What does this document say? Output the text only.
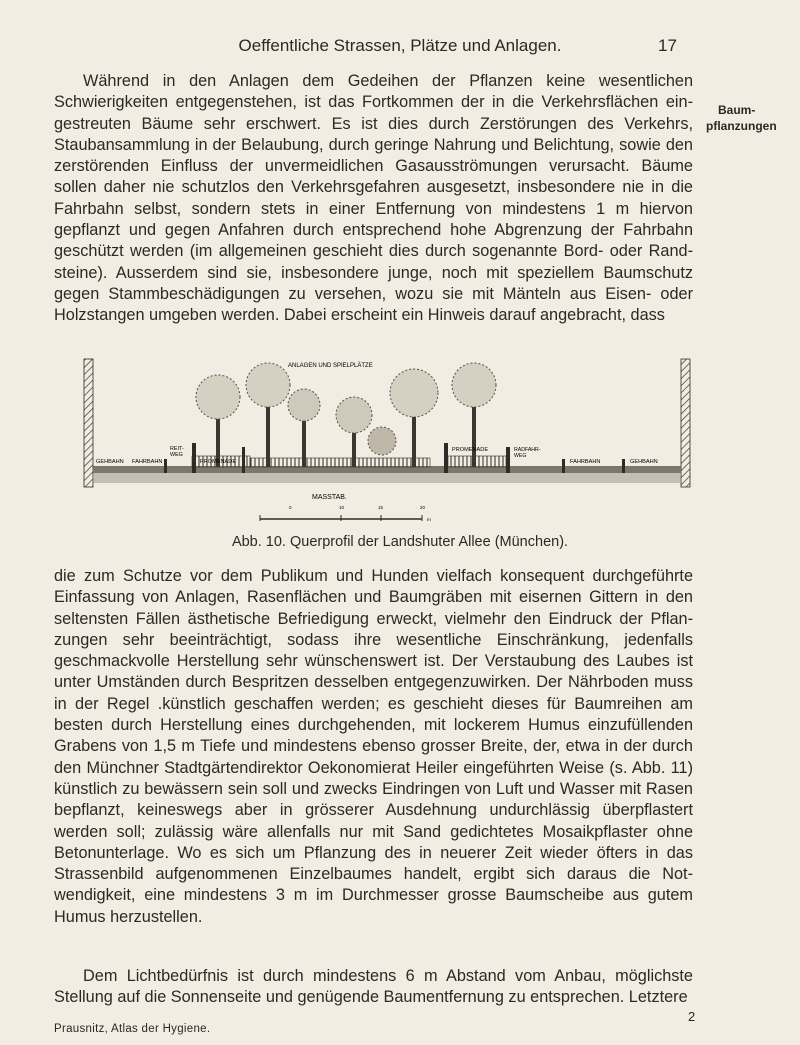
Oeffentliche Strassen, Plätze und Anlagen.	17
Baum-
pflanzungen

Während in den Anlagen dem Gedeihen der Pflanzen keine wesentlichen Schwierigkeiten entgegenstehen, ist das Fortkommen der in die Verkehrsflächen eingestreuten Bäume sehr erschwert. Es ist dies durch Zerstörungen des Verkehrs, Staubansammlung in der Belaubung, durch geringe Nahrung und Belichtung, sowie den zerstörenden Einfluss der unvermeidlichen Gasausströmungen verursacht. Bäume sollen daher nie schutzlos den Verkehrsgefahren ausgesetzt, insbesondere nie in die Fahrbahn selbst, sondern stets in einer Entfernung von mindestens 1 m hiervon gepflanzt und gegen Anfahren durch entsprechend hohe Abgrenzung der Fahrbahn geschützt werden (im allgemeinen geschieht dies durch sogenannte Bord- oder Randsteine). Ausserdem sind sie, insbesondere junge, noch mit speziellem Baumschutz gegen Stammbeschädigungen zu versehen, wozu sie mit Mänteln aus Eisen- oder Holzstangen umgeben werden. Dabei erscheint ein Hinweis darauf angebracht, dass

GEHBAHN FAHRBAHN
REIT-WEG
PROMENADE
ANLAGEN UND SPIELPLÄTZE
PROMENADE	RADFAHR-WEG
FAHRBAHN	GEHBAHN
MASSTAB.
0	10	15	20
m
Abb. 10. Querprofil der Landshuter Allee (München).

die zum Schutze vor dem Publikum und Hunden vielfach konsequent durchgeführte Einfassung von Anlagen, Rasenflächen und Baumgräben mit eisernen Gittern in den seltensten Fällen ästhetische Befriedigung erweckt, vielmehr den Eindruck der Pflanzungen sehr beeinträchtigt, sodass ihre wesentliche Einschränkung, jedenfalls geschmackvolle Herstellung sehr wünschenswert ist. Der Verstaubung des Laubes ist unter Umständen durch Bespritzen desselben entgegenzuwirken. Der Nährboden muss in der Regel .künstlich geschaffen werden; es geschieht dieses für Baumreihen am besten durch Herstellung eines durchgehenden, mit lockerem Humus einzufüllenden Grabens von 1,5 m Tiefe und mindestens ebenso grosser Breite, der, etwa in der durch den Münchner Stadtgärtendirektor Oekonomierat Heiler eingeführten Weise (s. Abb. 11) künstlich zu bewässern sein soll und zwecks Eindringen von Luft und Wasser mit Rasen bepflanzt, keineswegs aber in grösserer Ausdehnung undurchlässig überpflastert werden soll; zulässig wäre allenfalls nur mit Sand gedichtetes Mosaikpflaster ohne Betonunterlage. Wo es sich um Pflanzung des in neuerer Zeit wieder öfters in das Strassenbild aufgenommenen Einzelbaumes handelt, ergibt sich daraus die Notwendigkeit, eine mindestens 3 m im Durchmesser grosse Baumscheibe aus gutem Humus herzustellen.

Dem Lichtbedürfnis ist durch mindestens 6 m Abstand vom Anbau, möglichste Stellung auf die Sonnenseite und genügende Baumentfernung zu entsprechen. Letztere

Prausnitz, Atlas der Hygiene.
2
